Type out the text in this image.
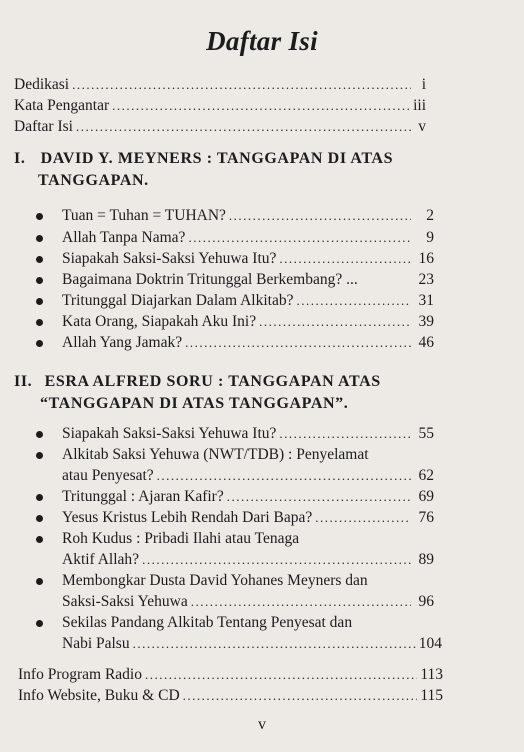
Daftar Isi
Dedikasi .....	i
Kata Pengantar .....	iii
Daftar Isi .....	v
I. DAVID Y. MEYNERS : TANGGAPAN DI ATAS
TANGGAPAN.
Tuan = Tuhan = TUHAN? .....	2
Allah Tanpa Nama? .....	9
Siapakah Saksi-Saksi Yehuwa Itu? .....	16
Bagaimana Doktrin Tritunggal Berkembang? ...	23
Tritunggal Diajarkan Dalam Alkitab? .....	31
Kata Orang, Siapakah Aku Ini? .....	39
Allah Yang Jamak? .....	46
II. ESRA ALFRED SORU : TANGGAPAN ATAS
“TANGGAPAN DI ATAS TANGGAPAN”.
Siapakah Saksi-Saksi Yehuwa Itu? .....	55
Alkitab Saksi Yehuwa (NWT/TDB) : Penyelamat
atau Penyesat? .....	62
Tritunggal : Ajaran Kafir? .....	69
Yesus Kristus Lebih Rendah Dari Bapa? .....	76
Roh Kudus : Pribadi Ilahi atau Tenaga
Aktif Allah? .....	89
Membongkar Dusta David Yohanes Meyners dan
Saksi-Saksi Yehuwa .....	96
Sekilas Pandang Alkitab Tentang Penyesat dan
Nabi Palsu .....	104
Info Program Radio .....	113
Info Website, Buku & CD .....	115
v
